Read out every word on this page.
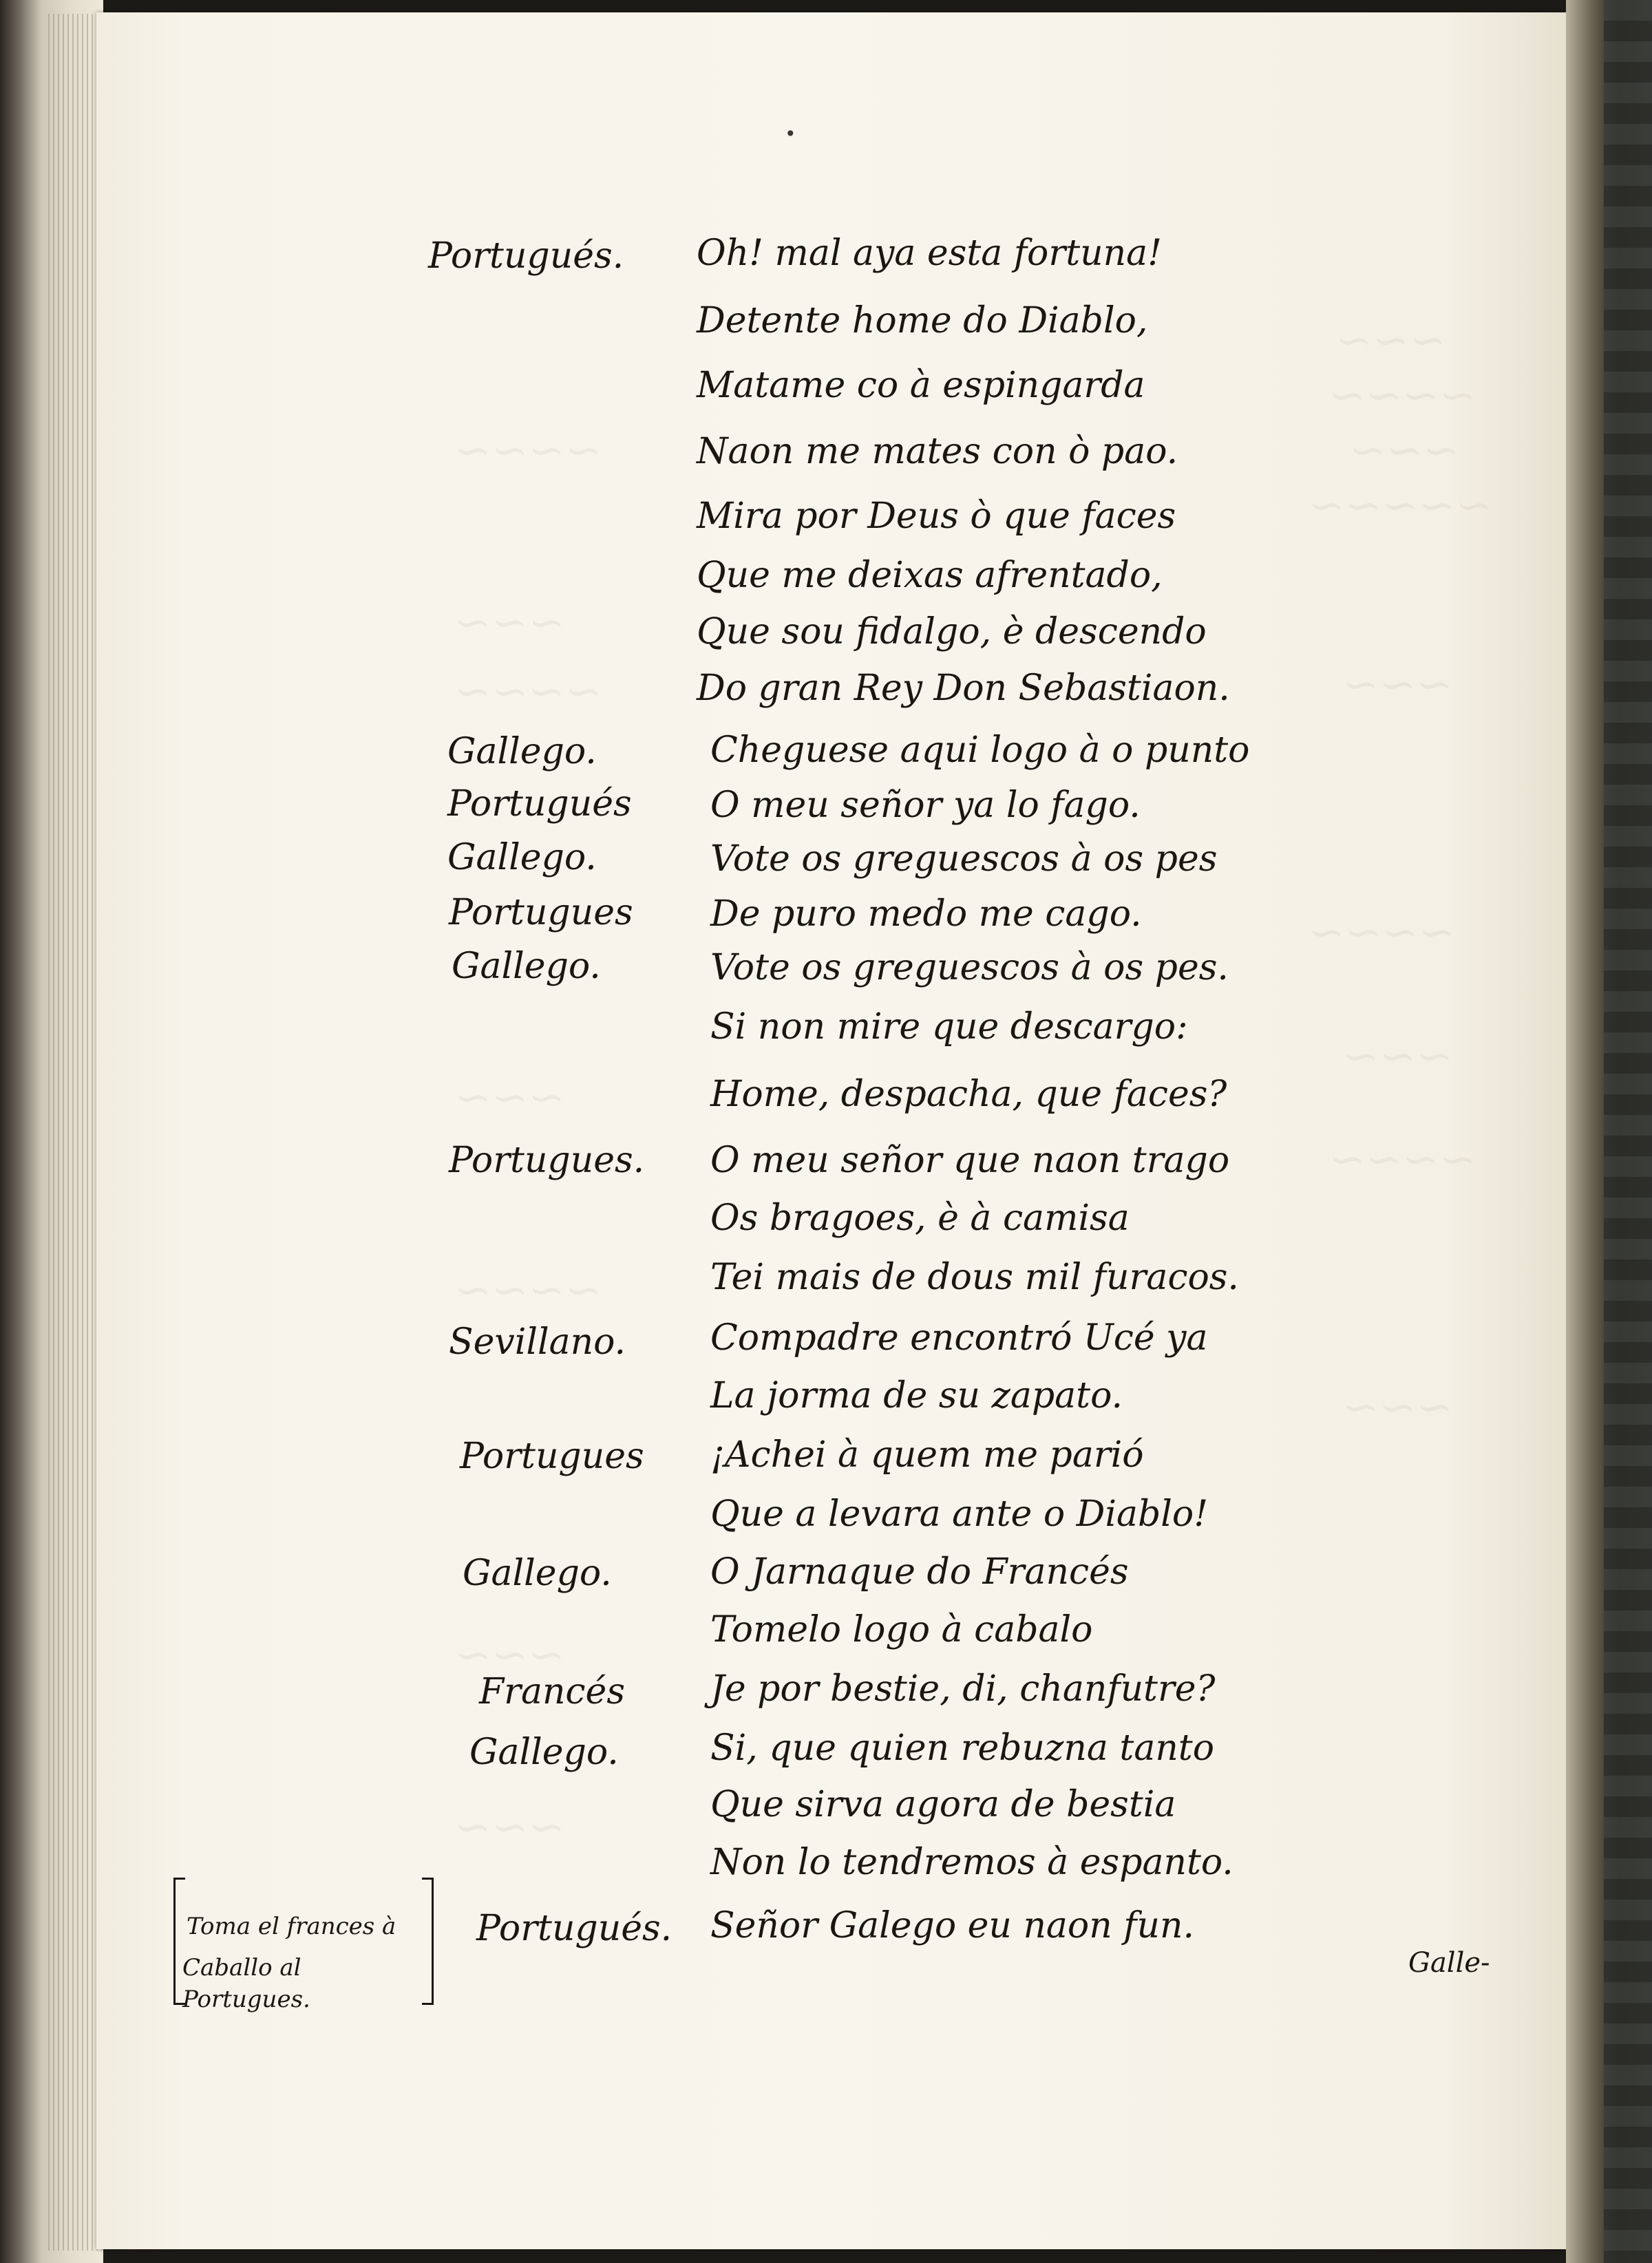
~~~
~~~~
~~~
~~~~~
~~~
~~~~
~~~
~~~~
~~~
~~~~
~~~
~~~~
~~~
~~~~
~~~
~~~
•
Portugués.
Gallego.
Portugués
Gallego.
Portugues
Gallego.
Portugues.
Sevillano.
Portugues
Gallego.
Francés
Gallego.
Portugués.
Oh! mal aya esta fortuna!
Detente home do Diablo,
Matame co à espingarda
Naon me mates con ò pao.
Mira por Deus ò que faces
Que me deixas afrentado,
Que sou fidalgo, è descendo
Do gran Rey Don Sebastiaon.
Cheguese aqui logo à o punto
O meu señor ya lo fago.
Vote os greguescos à os pes
De puro medo me cago.
Vote os greguescos à os pes.
Si non mire que descargo:
Home, despacha, que faces?
O meu señor que naon trago
Os bragoes, è à camisa
Tei mais de dous mil furacos.
Compadre encontró Ucé ya
La jorma de su zapato.
¡Achei à quem me parió
Que a levara ante o Diablo!
O Jarnaque do Francés
Tomelo logo à cabalo
Je por bestie, di, chanfutre?
Si, que quien rebuzna tanto
Que sirva agora de bestia
Non lo tendremos à espanto.
Señor Galego eu naon fun.
Toma el frances à
Caballo al Portugues.
Galle-
